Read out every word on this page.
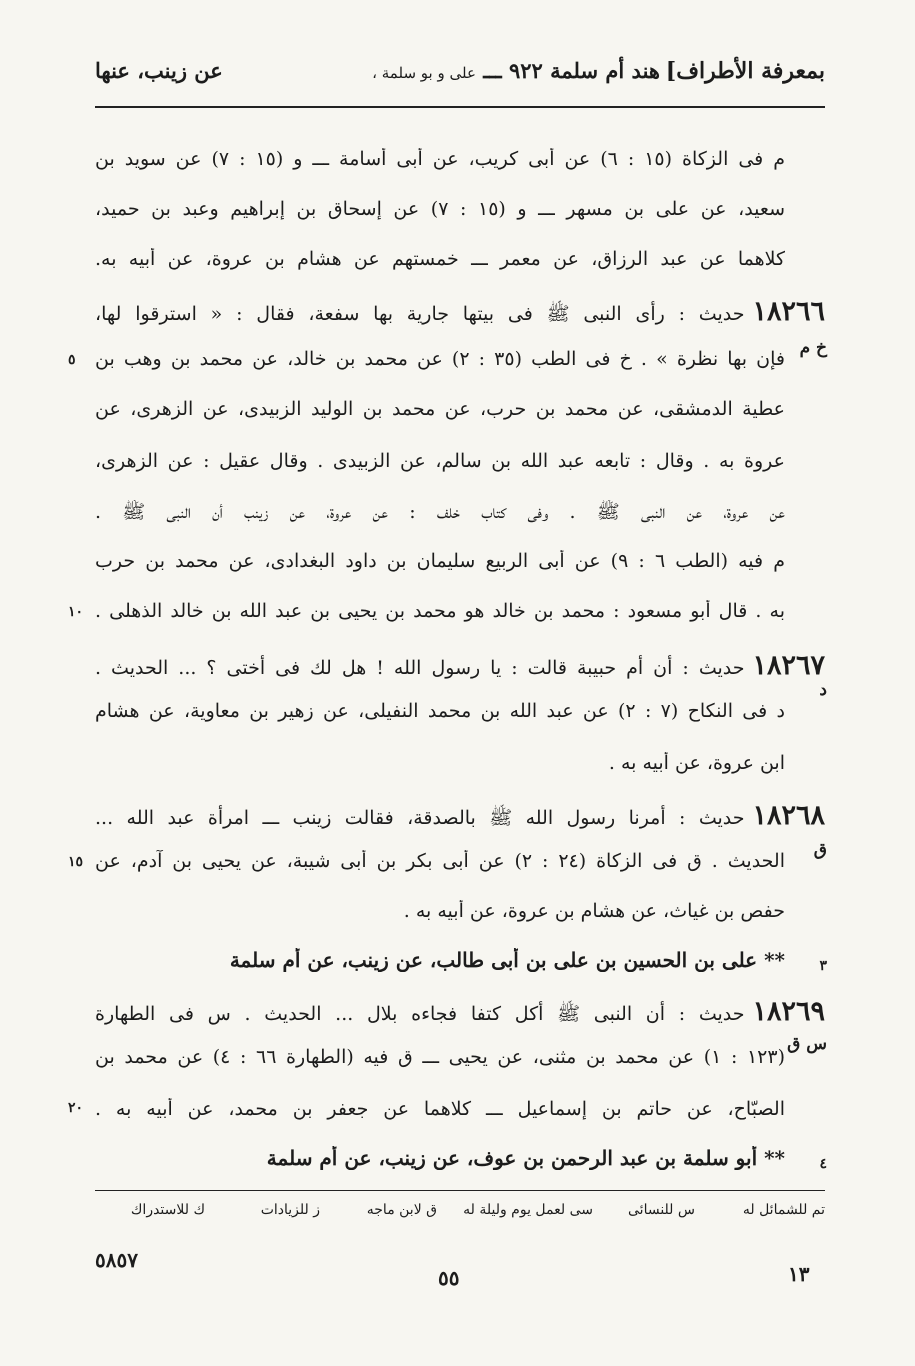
بمعرفة الأطراف]
هند أم سلمة ٩٢٢ ـــ على و بو سلمة ،
عن زينب، عنها
م فى الزكاة (١٥ : ٦) عن أبى كريب، عن أبى أسامة ـــ و (١٥ : ٧) عن سويد بن
سعيد، عن على بن مسهر ـــ و (١٥ : ٧) عن إسحاق بن إبراهيم وعبد بن حميد،
كلاهما عن عبد الرزاق، عن معمر ـــ خمستهم عن هشام بن عروة، عن أبيه به.
١٨٢٦٦حديث : رأى النبى ﷺ فى بيتها جارية بها سفعة، فقال : « استرقوا لها،
فإن بها نظرة » . خ فى الطب (٣٥ : ٢) عن محمد بن خالد، عن محمد بن وهب بن
عطية الدمشقى، عن محمد بن حرب، عن محمد بن الوليد الزبيدى، عن الزهرى، عن
عروة به . وقال : تابعه عبد الله بن سالم، عن الزبيدى . وقال عقيل : عن الزهرى،
عن عروة، عن النبى ﷺ . وفى كتاب خلف : عن عروة، عن زينب أن النبى ﷺ .
م فيه (الطب ٦ : ٩) عن أبى الربيع سليمان بن داود البغدادى، عن محمد بن حرب
به . قال أبو مسعود : محمد بن خالد هو محمد بن يحيى بن عبد الله بن خالد الذهلى .
١٨٢٦٧حديث : أن أم حبيبة قالت : يا رسول الله ! هل لك فى أختى ؟ ... الحديث .
د فى النكاح (٧ : ٢) عن عبد الله بن محمد النفيلى، عن زهير بن معاوية، عن هشام
ابن عروة، عن أبيه به .
١٨٢٦٨حديث : أمرنا رسول الله ﷺ بالصدقة، فقالت زينب ـــ امرأة عبد الله ...
الحديث . ق فى الزكاة (٢٤ : ٢) عن أبى بكر بن أبى شيبة، عن يحيى بن آدم، عن
حفص بن غياث، عن هشام بن عروة، عن أبيه به .
** على بن الحسين بن على بن أبى طالب، عن زينب، عن أم سلمة
١٨٢٦٩حديث : أن النبى ﷺ أكل كتفا فجاءه بلال ... الحديث . س فى الطهارة
(١٢٣ : ١) عن محمد بن مثنى، عن يحيى ـــ ق فيه (الطهارة ٦٦ : ٤) عن محمد بن
الصبّاح، عن حاتم بن إسماعيل ـــ كلاهما عن جعفر بن محمد، عن أبيه به .
** أبو سلمة بن عبد الرحمن بن عوف، عن زينب، عن أم سلمة
خ م
د
ق
س ق
٣
٤
٥
١٠
١٥
٢٠
تم للشمائل له
س للنسائى
سى لعمل يوم وليلة له
ق لابن ماجه
ز للزيادات
ك للاستدراك
١٣
٥٥
٥٨٥٧
